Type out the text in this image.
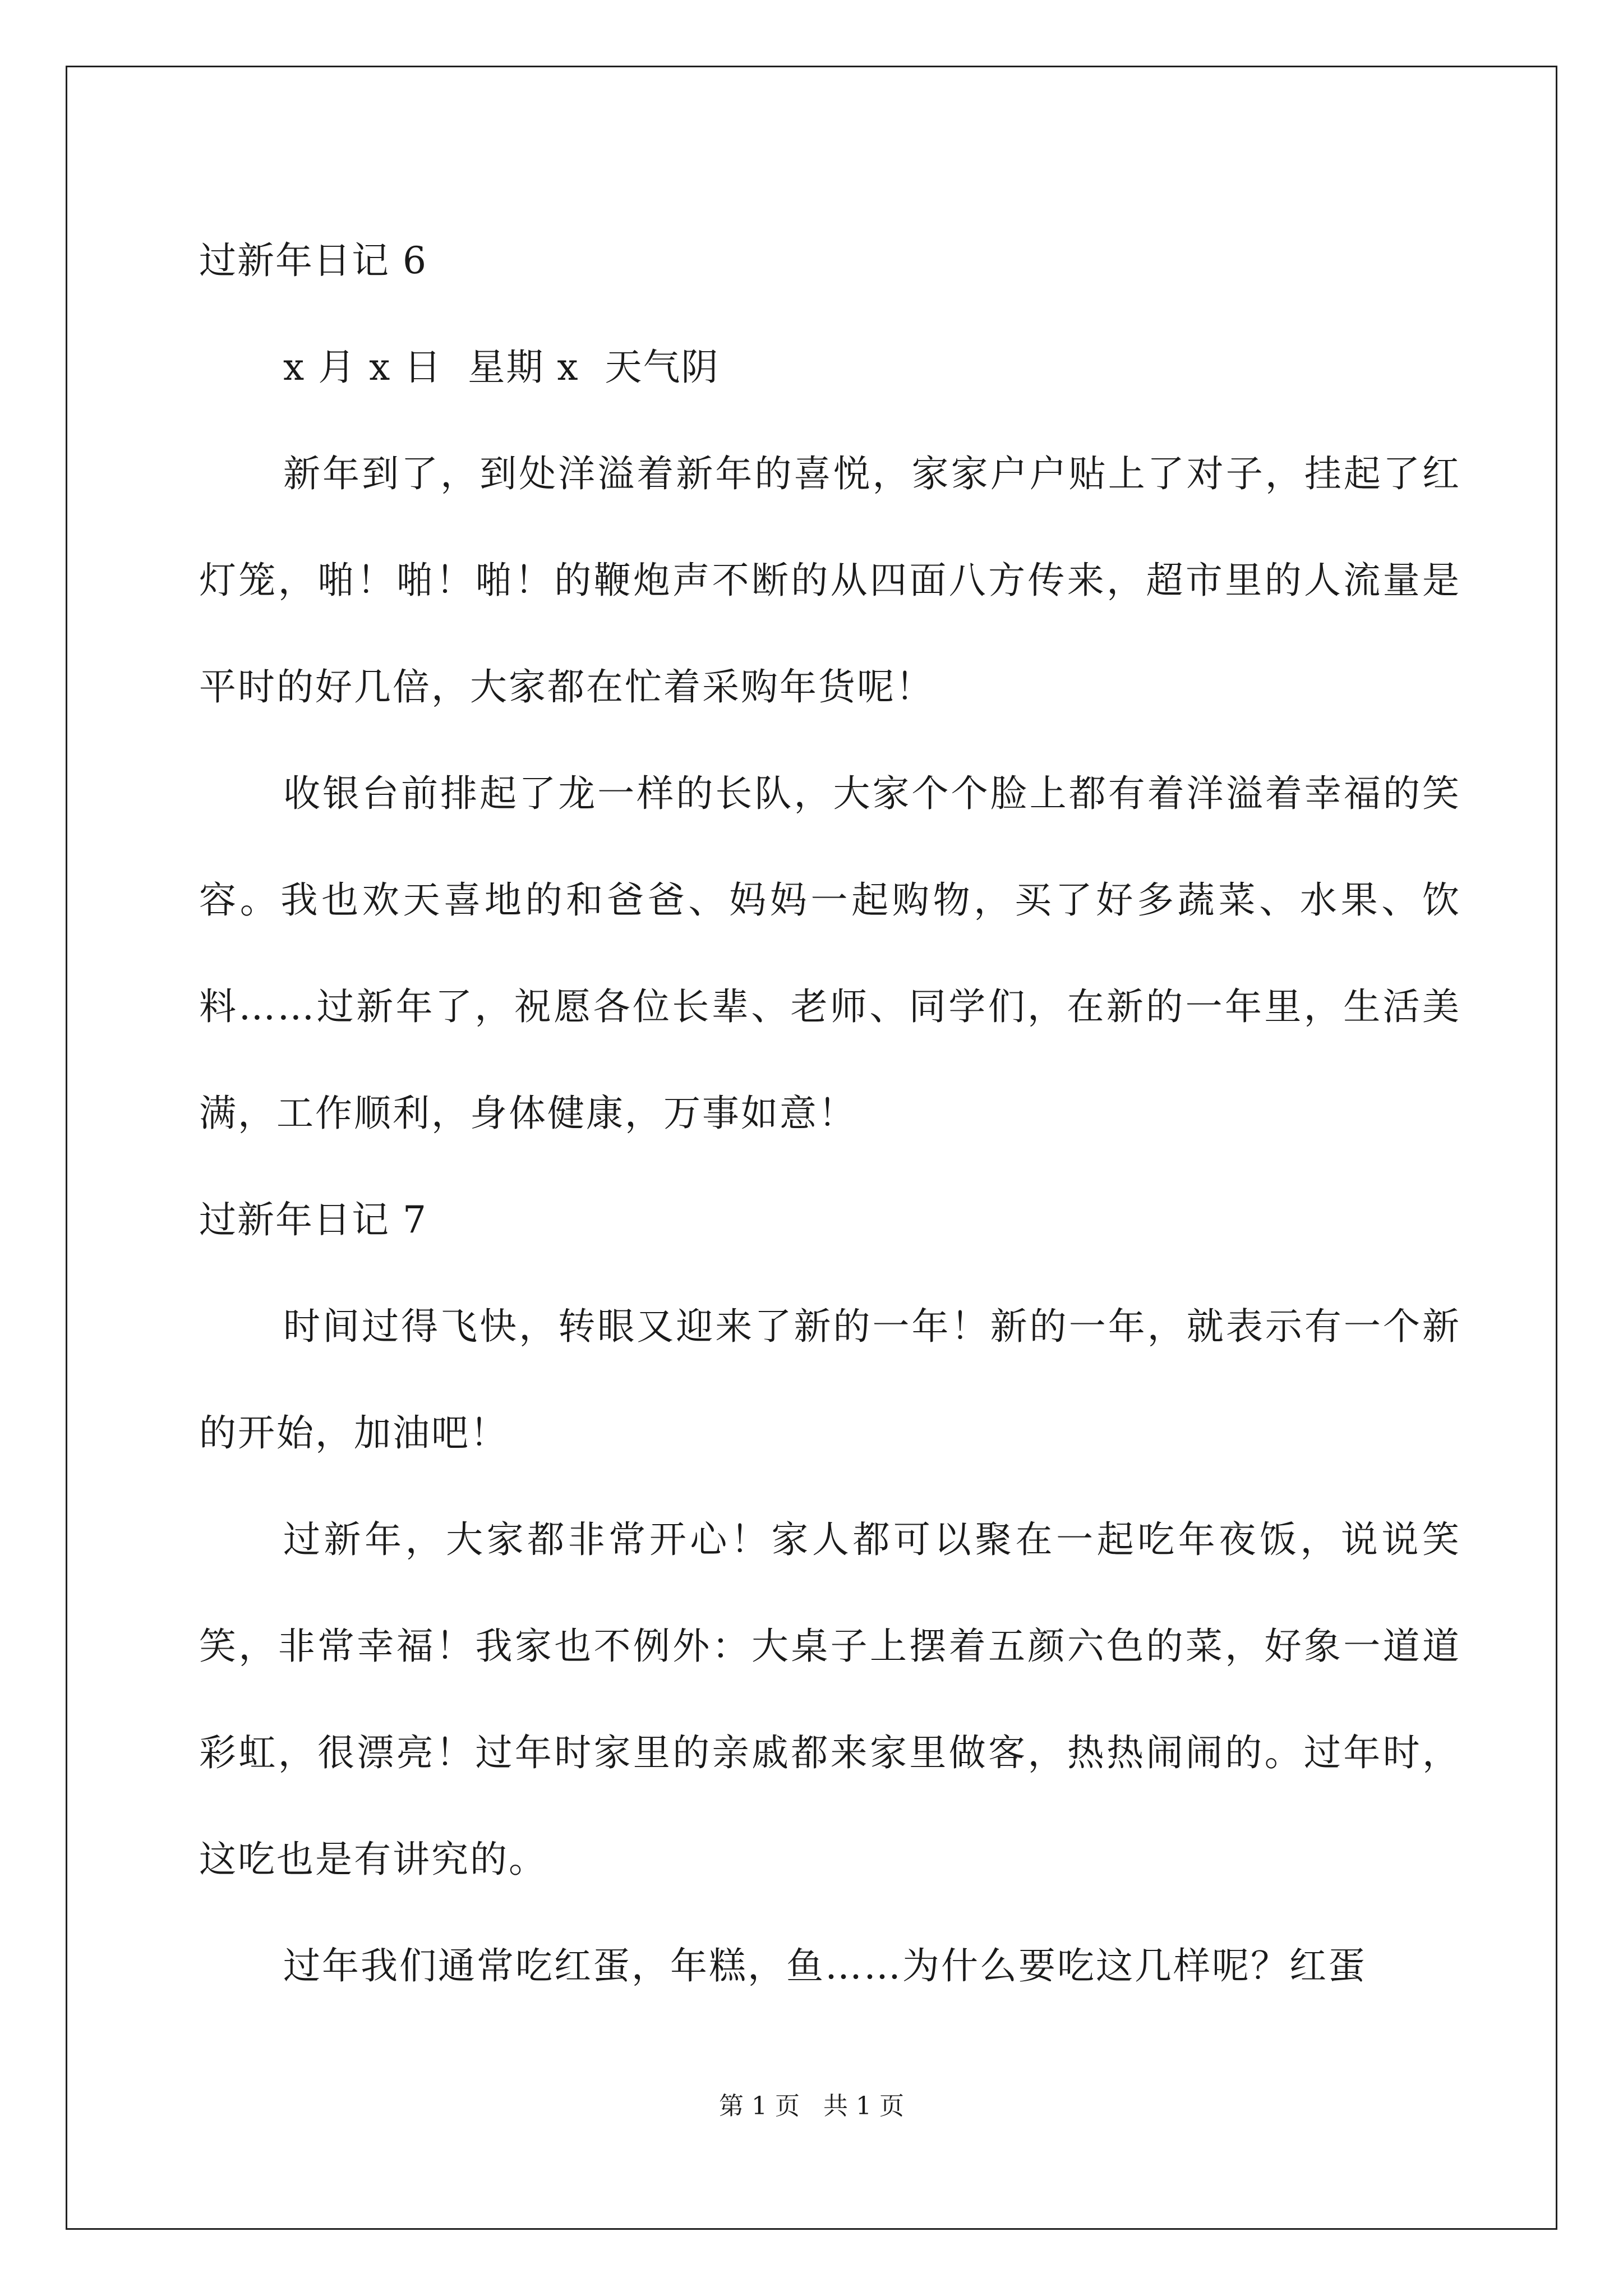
过新年日记 6

x 月 x 日  星期 x  天气阴

新年到了，到处洋溢着新年的喜悦，家家户户贴上了对子，挂起了红灯笼，啪！啪！啪！的鞭炮声不断的从四面八方传来，超市里的人流量是平时的好几倍，大家都在忙着采购年货呢！

收银台前排起了龙一样的长队，大家个个脸上都有着洋溢着幸福的笑容。我也欢天喜地的和爸爸、妈妈一起购物，买了好多蔬菜、水果、饮料……过新年了，祝愿各位长辈、老师、同学们，在新的一年里，生活美满，工作顺利，身体健康，万事如意！

过新年日记 7

时间过得飞快，转眼又迎来了新的一年！新的一年，就表示有一个新的开始，加油吧！

过新年，大家都非常开心！家人都可以聚在一起吃年夜饭，说说笑笑，非常幸福！我家也不例外：大桌子上摆着五颜六色的菜，好象一道道彩虹，很漂亮！过年时家里的亲戚都来家里做客，热热闹闹的。过年时，这吃也是有讲究的。

过年我们通常吃红蛋，年糕，鱼……为什么要吃这几样呢？红蛋

第 1 页   共 1 页
